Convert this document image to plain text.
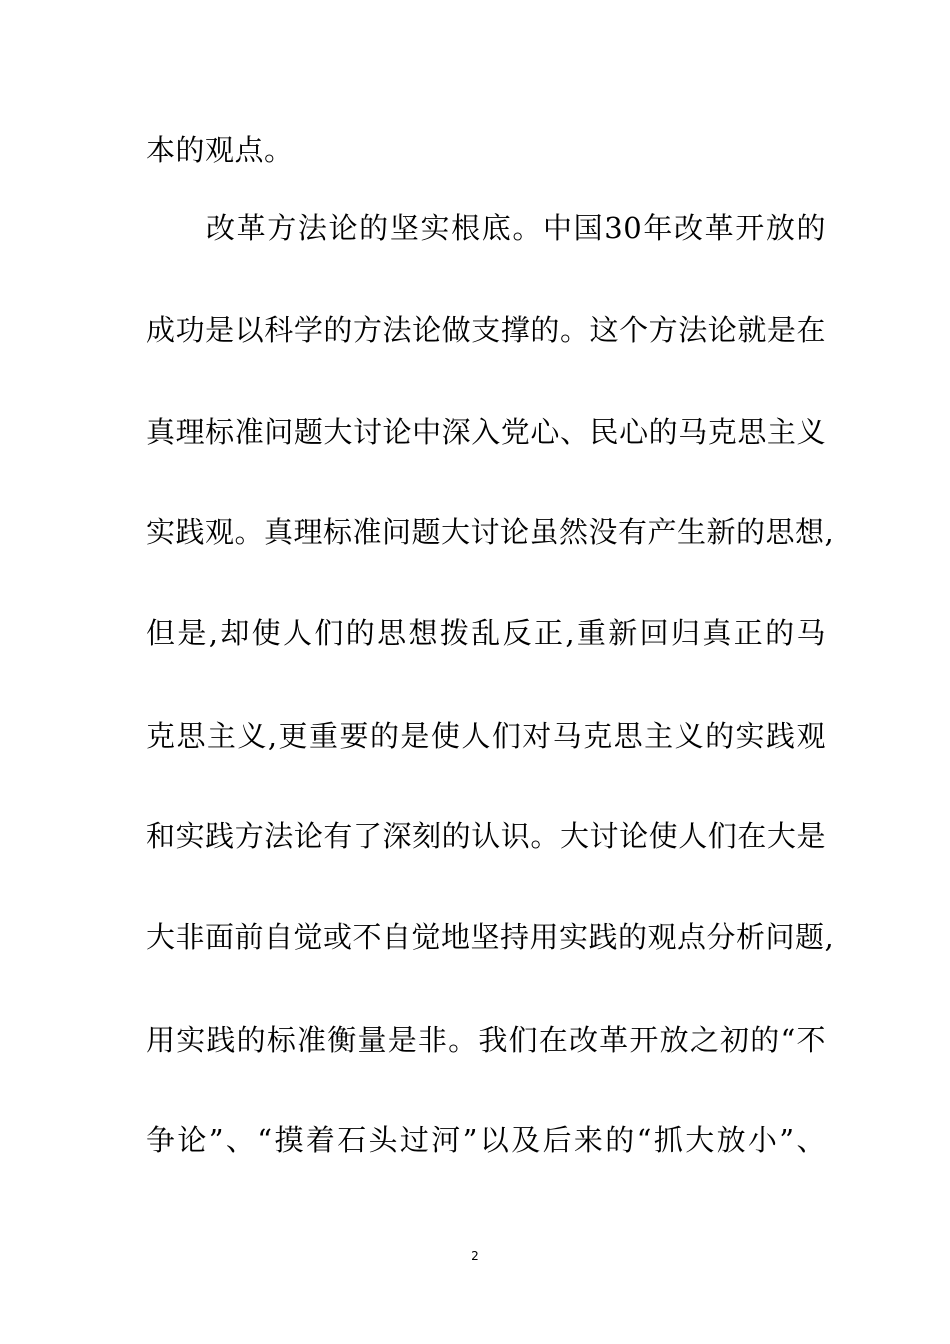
本的观点。
改革方法论的坚实根底。中国30年改革开放的
成功是以科学的方法论做支撑的。这个方法论就是在
真理标准问题大讨论中深入党心、民心的马克思主义
实践观。真理标准问题大讨论虽然没有产生新的思想,
但是,却使人们的思想拨乱反正,重新回归真正的马
克思主义,更重要的是使人们对马克思主义的实践观
和实践方法论有了深刻的认识。大讨论使人们在大是
大非面前自觉或不自觉地坚持用实践的观点分析问题,
用实践的标准衡量是非。我们在改革开放之初的“不
争论”、“摸着石头过河”以及后来的“抓大放小”、
2
